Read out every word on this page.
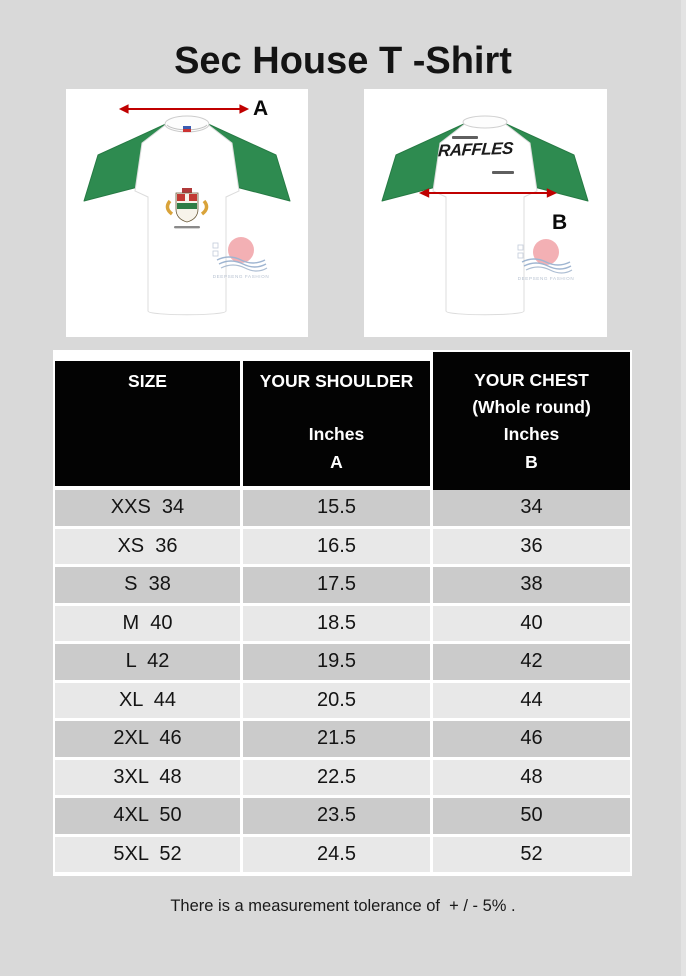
Sec House T -Shirt
A
DEEPSENG FASHION
RAFFLES
B
DEEPSENG FASHION
SIZE	YOUR SHOULDER
Inches
A
YOUR CHEST
(Whole round)
Inches
B
XXS  34	15.5	34
XS  36	16.5	36
S  38	17.5	38
M  40	18.5	40
L  42	19.5	42
XL  44	20.5	44
2XL  46	21.5	46
3XL  48	22.5	48
4XL  50	23.5	50
5XL  52	24.5	52
There is a measurement tolerance of  + / - 5% .
